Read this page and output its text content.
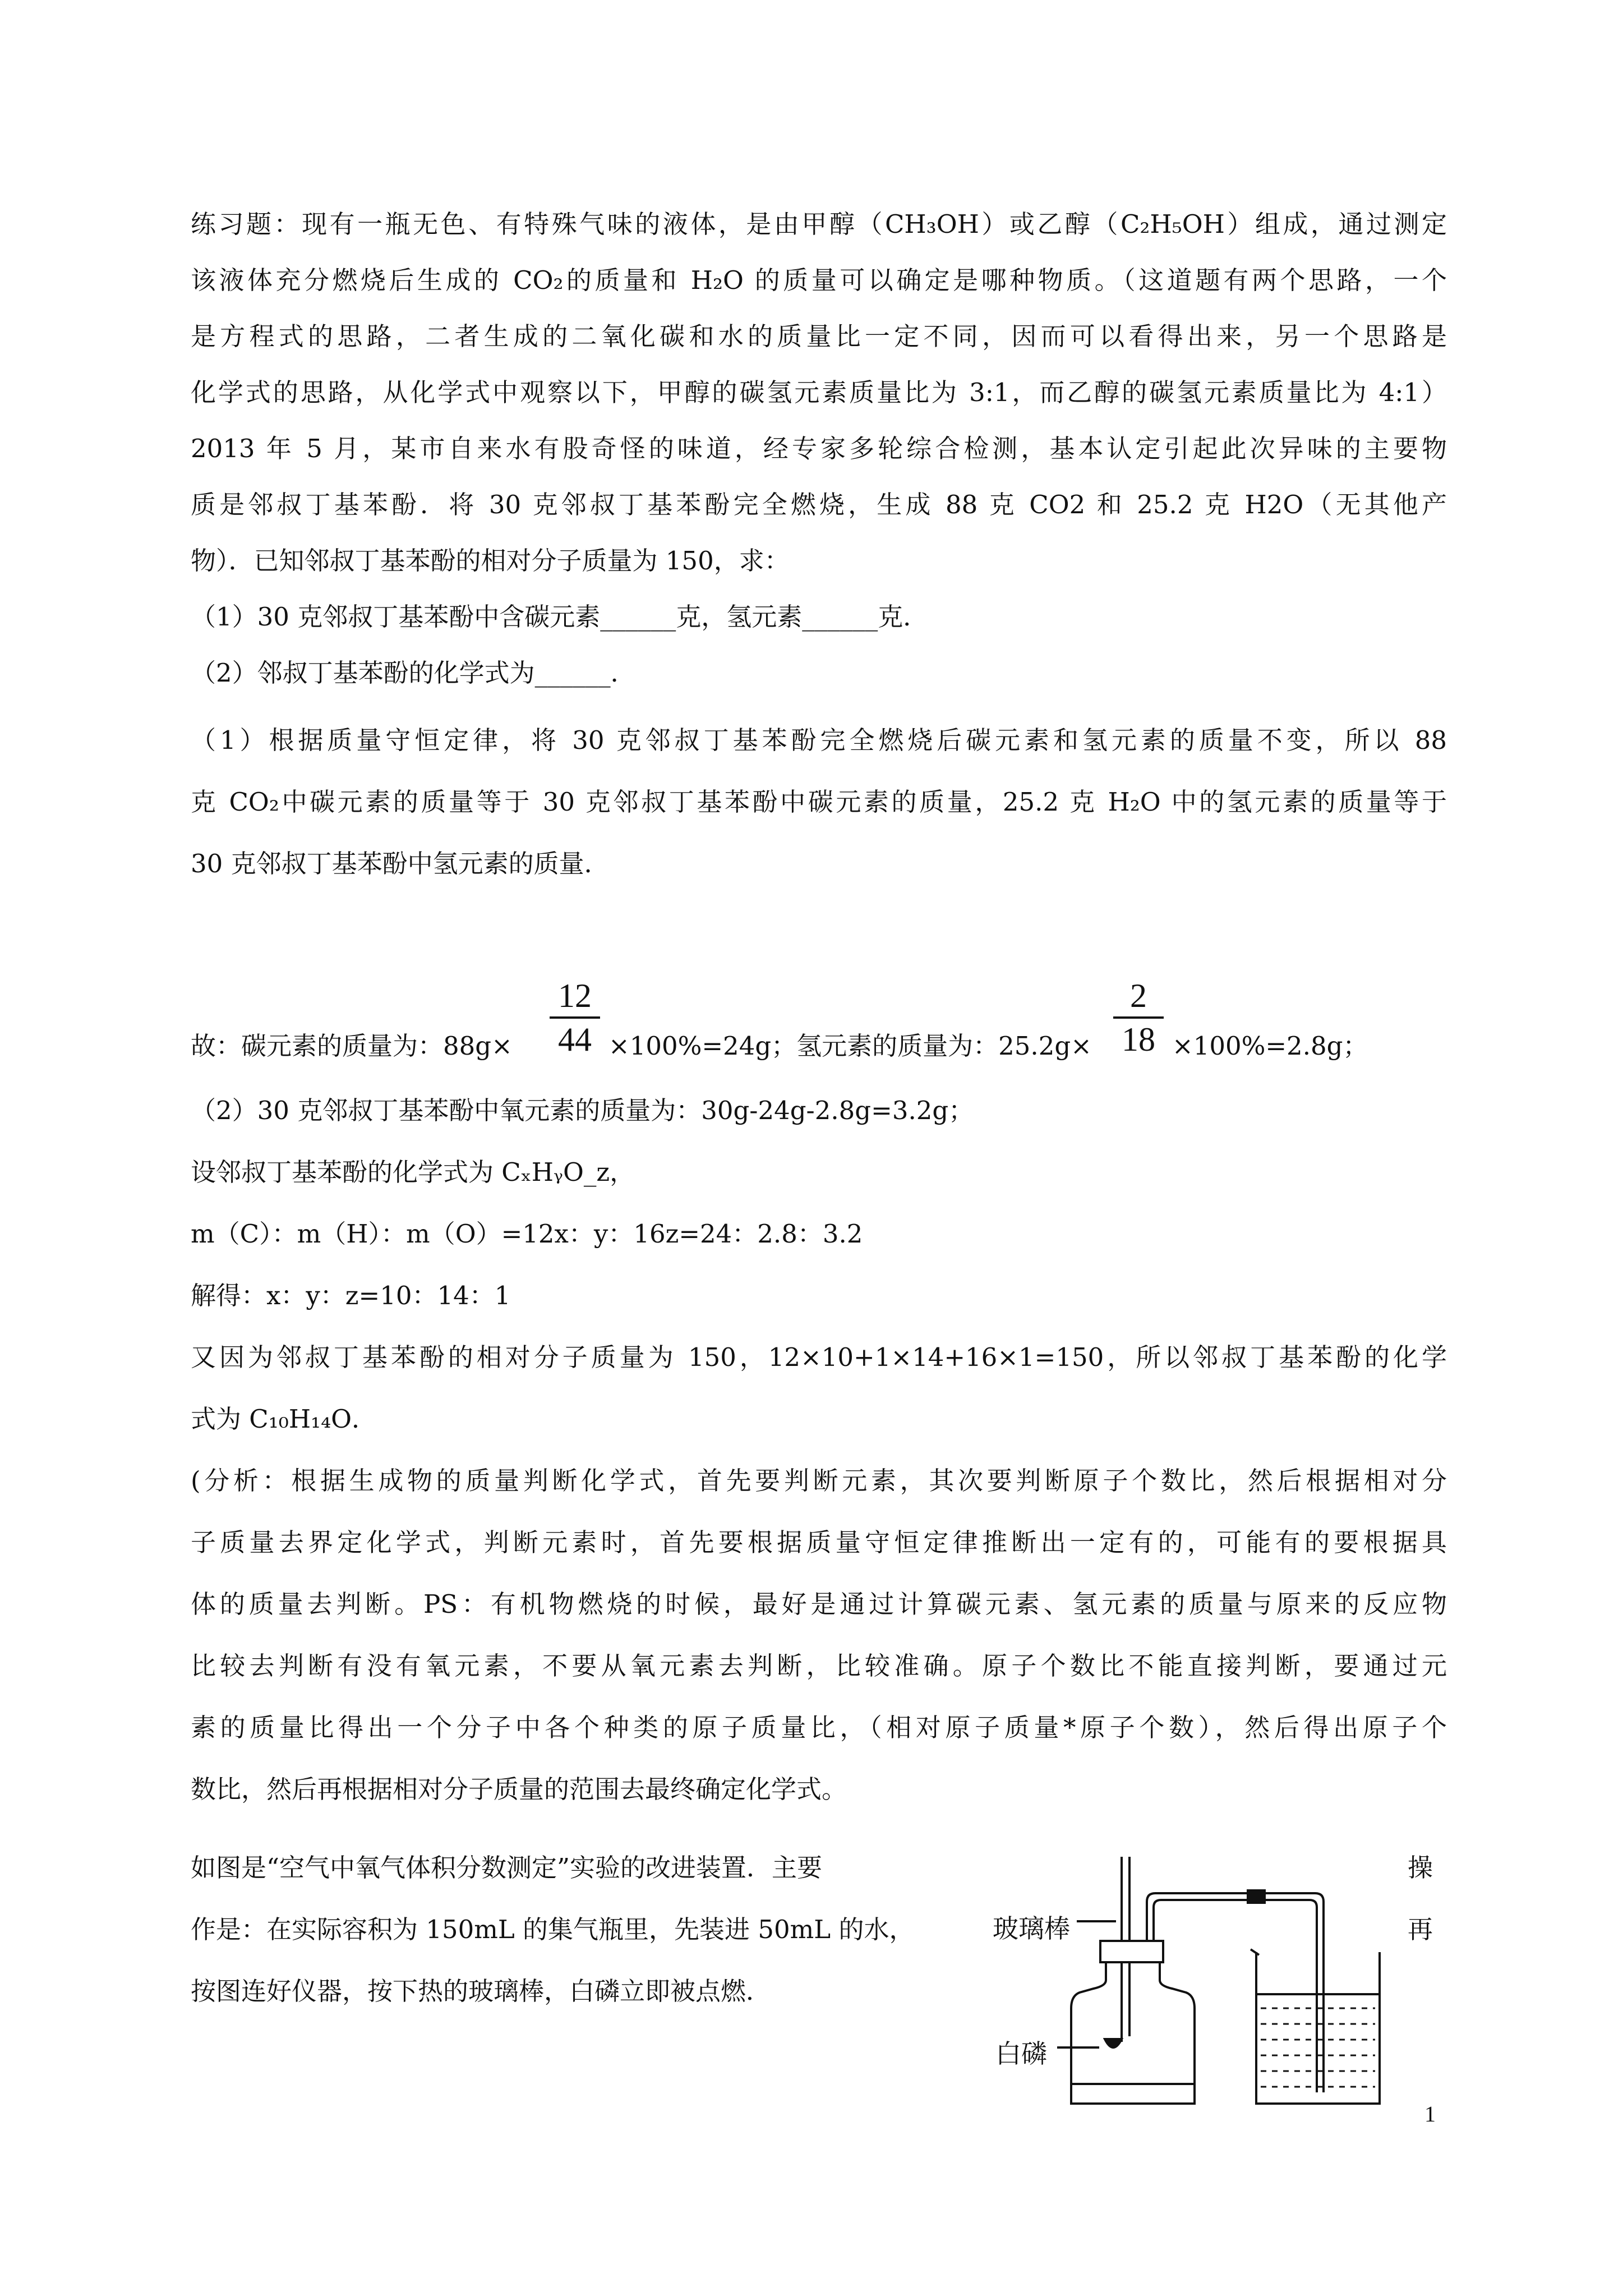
练习题：现有一瓶无色、有特殊气味的液体，是由甲醇（CH₃OH）或乙醇（C₂H₅OH）组成，通过测定
该液体充分燃烧后生成的 CO₂的质量和 H₂O 的质量可以确定是哪种物质。（这道题有两个思路，一个
是方程式的思路，二者生成的二氧化碳和水的质量比一定不同，因而可以看得出来，另一个思路是
化学式的思路，从化学式中观察以下，甲醇的碳氢元素质量比为 3:1，而乙醇的碳氢元素质量比为 4:1）
2013 年 5 月，某市自来水有股奇怪的味道，经专家多轮综合检测，基本认定引起此次异味的主要物
质是邻叔丁基苯酚．将 30 克邻叔丁基苯酚完全燃烧，生成 88 克 CO2 和 25.2 克 H2O（无其他产
物）．已知邻叔丁基苯酚的相对分子质量为 150，求：
（1）30 克邻叔丁基苯酚中含碳元素______克，氢元素______克．
（2）邻叔丁基苯酚的化学式为______．
（1）根据质量守恒定律，将 30 克邻叔丁基苯酚完全燃烧后碳元素和氢元素的质量不变，所以 88
克 CO₂中碳元素的质量等于 30 克邻叔丁基苯酚中碳元素的质量，25.2 克 H₂O 中的氢元素的质量等于
30 克邻叔丁基苯酚中氢元素的质量．
故：碳元素的质量为：88g×
12
44 ×100%=24g；氢元素的质量为：25.2g×
2
18 ×100%=2.8g；
（2）30 克邻叔丁基苯酚中氧元素的质量为：30g-24g-2.8g=3.2g；
设邻叔丁基苯酚的化学式为 CₓHᵧO_z，
m（C）：m（H）：m（O）=12x：y：16z=24：2.8：3.2
解得：x：y：z=10：14：1
又因为邻叔丁基苯酚的相对分子质量为 150，12×10+1×14+16×1=150，所以邻叔丁基苯酚的化学
式为 C₁₀H₁₄O．
(分析：根据生成物的质量判断化学式，首先要判断元素，其次要判断原子个数比，然后根据相对分
子质量去界定化学式，判断元素时，首先要根据质量守恒定律推断出一定有的，可能有的要根据具
体的质量去判断。PS：有机物燃烧的时候，最好是通过计算碳元素、氢元素的质量与原来的反应物
比较去判断有没有氧元素，不要从氧元素去判断，比较准确。原子个数比不能直接判断，要通过元
素的质量比得出一个分子中各个种类的原子质量比，（相对原子质量*原子个数），然后得出原子个
数比，然后再根据相对分子质量的范围去最终确定化学式。
如图是“空气中氧气体积分数测定”实验的改进装置．主要
作是：在实际容积为 150mL 的集气瓶里，先装进 50mL 的水，
按图连好仪器，按下热的玻璃棒，白磷立即被点燃．
操
再
玻璃棒
白磷
1
